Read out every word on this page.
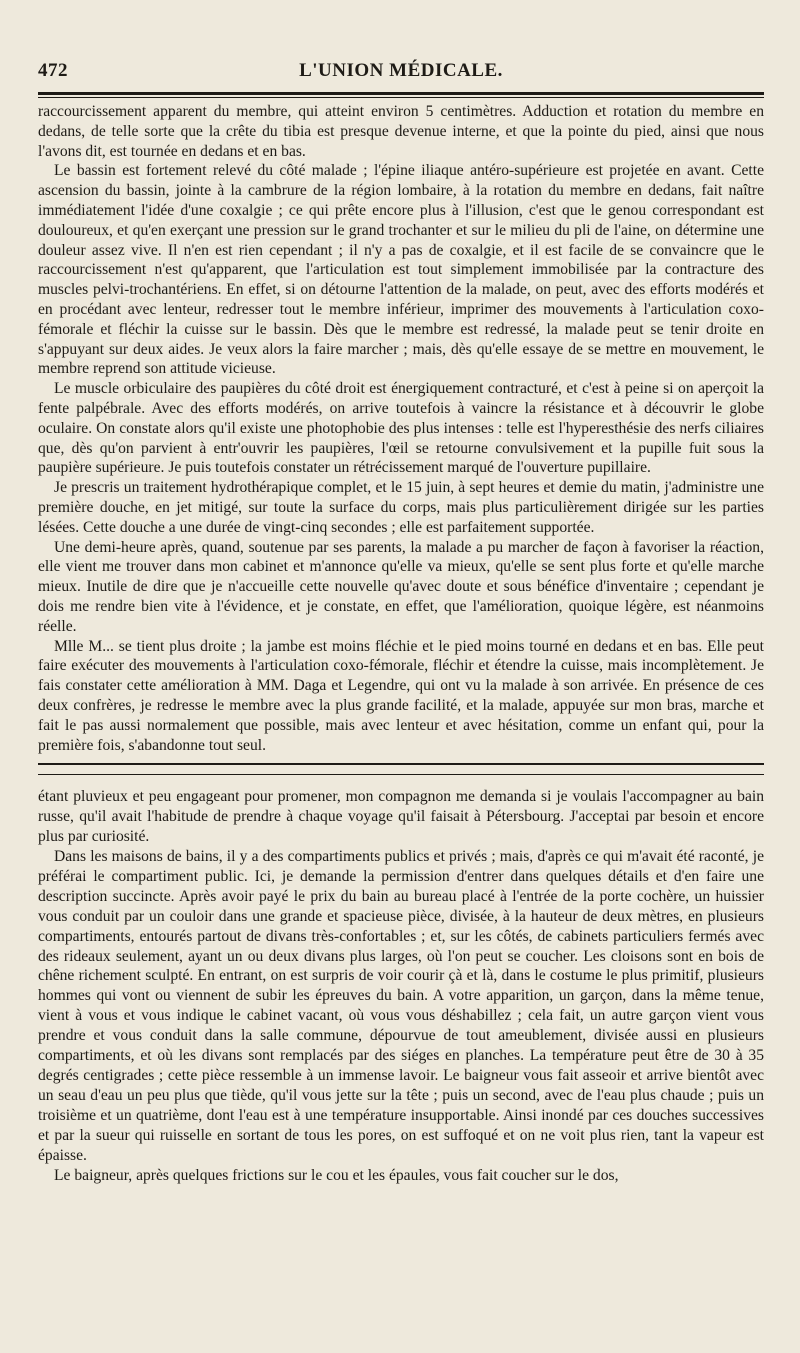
472	L'UNION MÉDICALE.

raccourcissement apparent du membre, qui atteint environ 5 centimètres. Adduction et rotation du membre en dedans, de telle sorte que la crête du tibia est presque devenue interne, et que la pointe du pied, ainsi que nous l'avons dit, est tournée en dedans et en bas.

Le bassin est fortement relevé du côté malade ; l'épine iliaque antéro-supérieure est projetée en avant. Cette ascension du bassin, jointe à la cambrure de la région lombaire, à la rotation du membre en dedans, fait naître immédiatement l'idée d'une coxalgie ; ce qui prête encore plus à l'illusion, c'est que le genou correspondant est douloureux, et qu'en exerçant une pression sur le grand trochanter et sur le milieu du pli de l'aine, on détermine une douleur assez vive. Il n'en est rien cependant ; il n'y a pas de coxalgie, et il est facile de se convaincre que le raccourcissement n'est qu'apparent, que l'articulation est tout simplement immobilisée par la contracture des muscles pelvi-trochantériens. En effet, si on détourne l'attention de la malade, on peut, avec des efforts modérés et en procédant avec lenteur, redresser tout le membre inférieur, imprimer des mouvements à l'articulation coxo-fémorale et fléchir la cuisse sur le bassin. Dès que le membre est redressé, la malade peut se tenir droite en s'appuyant sur deux aides. Je veux alors la faire marcher ; mais, dès qu'elle essaye de se mettre en mouvement, le membre reprend son attitude vicieuse.

Le muscle orbiculaire des paupières du côté droit est énergiquement contracturé, et c'est à peine si on aperçoit la fente palpébrale. Avec des efforts modérés, on arrive toutefois à vaincre la résistance et à découvrir le globe oculaire. On constate alors qu'il existe une photophobie des plus intenses : telle est l'hyperesthésie des nerfs ciliaires que, dès qu'on parvient à entr'ouvrir les paupières, l'œil se retourne convulsivement et la pupille fuit sous la paupière supérieure. Je puis toutefois constater un rétrécissement marqué de l'ouverture pupillaire.

Je prescris un traitement hydrothérapique complet, et le 15 juin, à sept heures et demie du matin, j'administre une première douche, en jet mitigé, sur toute la surface du corps, mais plus particulièrement dirigée sur les parties lésées. Cette douche a une durée de vingt-cinq secondes ; elle est parfaitement supportée.

Une demi-heure après, quand, soutenue par ses parents, la malade a pu marcher de façon à favoriser la réaction, elle vient me trouver dans mon cabinet et m'annonce qu'elle va mieux, qu'elle se sent plus forte et qu'elle marche mieux. Inutile de dire que je n'accueille cette nouvelle qu'avec doute et sous bénéfice d'inventaire ; cependant je dois me rendre bien vite à l'évidence, et je constate, en effet, que l'amélioration, quoique légère, est néanmoins réelle.

Mlle M... se tient plus droite ; la jambe est moins fléchie et le pied moins tourné en dedans et en bas. Elle peut faire exécuter des mouvements à l'articulation coxo-fémorale, fléchir et étendre la cuisse, mais incomplètement. Je fais constater cette amélioration à MM. Daga et Legendre, qui ont vu la malade à son arrivée. En présence de ces deux confrères, je redresse le membre avec la plus grande facilité, et la malade, appuyée sur mon bras, marche et fait le pas aussi normalement que possible, mais avec lenteur et avec hésitation, comme un enfant qui, pour la première fois, s'abandonne tout seul.

étant pluvieux et peu engageant pour promener, mon compagnon me demanda si je voulais l'accompagner au bain russe, qu'il avait l'habitude de prendre à chaque voyage qu'il faisait à Pétersbourg. J'acceptai par besoin et encore plus par curiosité.

Dans les maisons de bains, il y a des compartiments publics et privés ; mais, d'après ce qui m'avait été raconté, je préférai le compartiment public. Ici, je demande la permission d'entrer dans quelques détails et d'en faire une description succincte. Après avoir payé le prix du bain au bureau placé à l'entrée de la porte cochère, un huissier vous conduit par un couloir dans une grande et spacieuse pièce, divisée, à la hauteur de deux mètres, en plusieurs compartiments, entourés partout de divans très-confortables ; et, sur les côtés, de cabinets particuliers fermés avec des rideaux seulement, ayant un ou deux divans plus larges, où l'on peut se coucher. Les cloisons sont en bois de chêne richement sculpté. En entrant, on est surpris de voir courir çà et là, dans le costume le plus primitif, plusieurs hommes qui vont ou viennent de subir les épreuves du bain. A votre apparition, un garçon, dans la même tenue, vient à vous et vous indique le cabinet vacant, où vous vous déshabillez ; cela fait, un autre garçon vient vous prendre et vous conduit dans la salle commune, dépourvue de tout ameublement, divisée aussi en plusieurs compartiments, et où les divans sont remplacés par des siéges en planches. La température peut être de 30 à 35 degrés centigrades ; cette pièce ressemble à un immense lavoir. Le baigneur vous fait asseoir et arrive bientôt avec un seau d'eau un peu plus que tiède, qu'il vous jette sur la tête ; puis un second, avec de l'eau plus chaude ; puis un troisième et un quatrième, dont l'eau est à une température insupportable. Ainsi inondé par ces douches successives et par la sueur qui ruisselle en sortant de tous les pores, on est suffoqué et on ne voit plus rien, tant la vapeur est épaisse.

Le baigneur, après quelques frictions sur le cou et les épaules, vous fait coucher sur le dos,
